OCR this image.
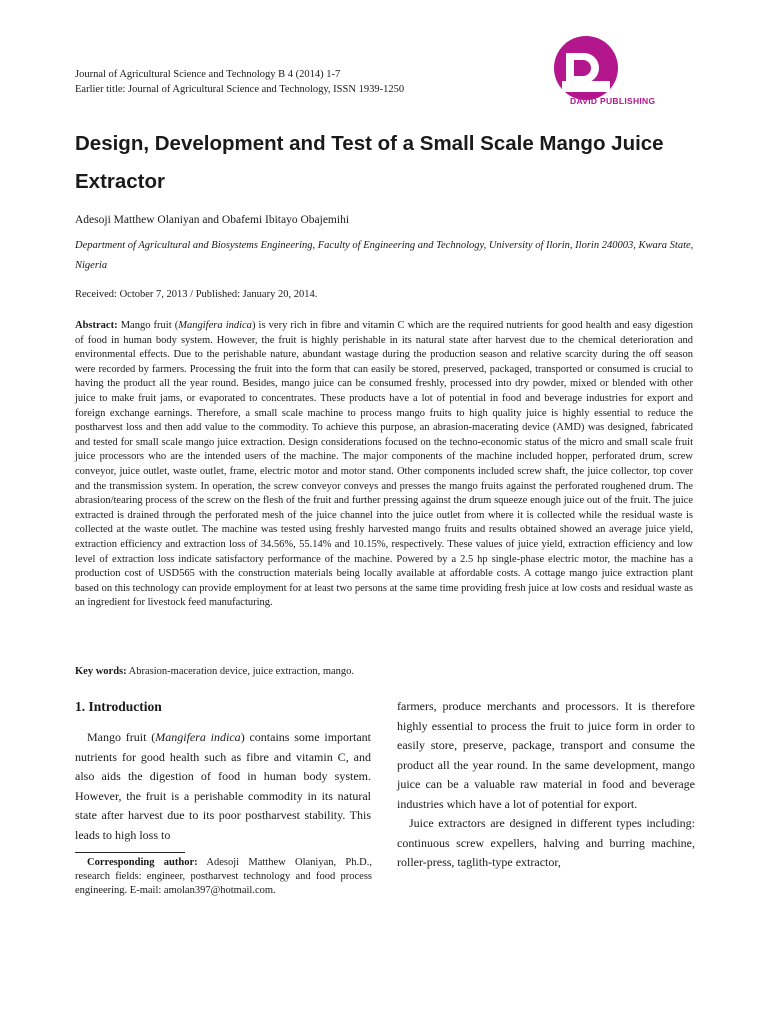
Journal of Agricultural Science and Technology B 4 (2014) 1-7
Earlier title: Journal of Agricultural Science and Technology, ISSN 1939-1250
DAVID PUBLISHING
Design, Development and Test of a Small Scale Mango Juice Extractor
Adesoji Matthew Olaniyan and Obafemi Ibitayo Obajemihi
Department of Agricultural and Biosystems Engineering, Faculty of Engineering and Technology, University of Ilorin, Ilorin 240003, Kwara State, Nigeria
Received: October 7, 2013 / Published: January 20, 2014.

Abstract: Mango fruit (Mangifera indica) is very rich in fibre and vitamin C which are the required nutrients for good health and easy digestion of food in human body system. However, the fruit is highly perishable in its natural state after harvest due to the chemical deterioration and environmental effects. Due to the perishable nature, abundant wastage during the production season and relative scarcity during the off season were recorded by farmers. Processing the fruit into the form that can easily be stored, preserved, packaged, transported or consumed is crucial to having the product all the year round. Besides, mango juice can be consumed freshly, processed into dry powder, mixed or blended with other juice to make fruit jams, or evaporated to concentrates. These products have a lot of potential in food and beverage industries for export and foreign exchange earnings. Therefore, a small scale machine to process mango fruits to high quality juice is highly essential to reduce the postharvest loss and then add value to the commodity. To achieve this purpose, an abrasion-macerating device (AMD) was designed, fabricated and tested for small scale mango juice extraction. Design considerations focused on the techno-economic status of the micro and small scale fruit juice processors who are the intended users of the machine. The major components of the machine included hopper, perforated drum, screw conveyor, juice outlet, waste outlet, frame, electric motor and motor stand. Other components included screw shaft, the juice collector, top cover and the transmission system. In operation, the screw conveyor conveys and presses the mango fruits against the perforated roughened drum. The abrasion/tearing process of the screw on the flesh of the fruit and further pressing against the drum squeeze enough juice out of the fruit. The juice extracted is drained through the perforated mesh of the juice channel into the juice outlet from where it is collected while the residual waste is collected at the waste outlet. The machine was tested using freshly harvested mango fruits and results obtained showed an average juice yield, extraction efficiency and extraction loss of 34.56%, 55.14% and 10.15%, respectively. These values of juice yield, extraction efficiency and low level of extraction loss indicate satisfactory performance of the machine. Powered by a 2.5 hp single-phase electric motor, the machine has a production cost of USD565 with the construction materials being locally available at affordable costs. A cottage mango juice extraction plant based on this technology can provide employment for at least two persons at the same time providing fresh juice at low costs and residual waste as an ingredient for livestock feed manufacturing.

Key words: Abrasion-maceration device, juice extraction, mango.
1. Introduction

Mango fruit (Mangifera indica) contains some important nutrients for good health such as fibre and vitamin C, and also aids the digestion of food in human body system. However, the fruit is a perishable commodity in its natural state after harvest due to its poor postharvest stability. This leads to high loss to

farmers, produce merchants and processors. It is therefore highly essential to process the fruit to juice form in order to easily store, preserve, package, transport and consume the product all the year round. In the same development, mango juice can be a valuable raw material in food and beverage industries which have a lot of potential for export.

Juice extractors are designed in different types including: continuous screw expellers, halving and burring machine, roller-press, taglith-type extractor,

Corresponding author: Adesoji Matthew Olaniyan, Ph.D., research fields: engineer, postharvest technology and food process engineering. E-mail: amolan397@hotmail.com.
